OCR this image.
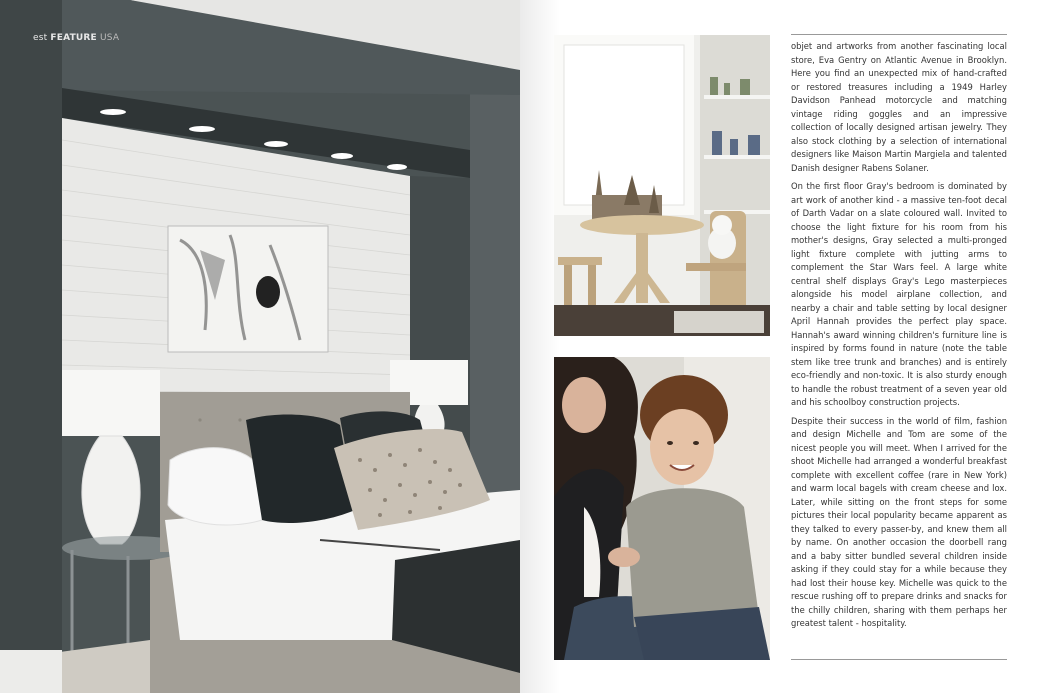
est FEATURE USA

objet and artworks from another fascinating local store, Eva Gentry on Atlantic Avenue in Brooklyn. Here you find an unexpected mix of hand-crafted or restored treasures including a 1949 Harley Davidson Panhead motorcycle and matching vintage riding goggles and an impressive collection of locally designed artisan jewelry. They also stock clothing by a selection of international designers like Maison Martin Margiela and talented Danish designer Rabens Solaner.

On the first floor Gray's bedroom is dominated by art work of another kind - a massive ten-foot decal of Darth Vadar on a slate coloured wall. Invited to choose the light fixture for his room from his mother's designs, Gray selected a multi-pronged light fixture complete with jutting arms to complement the Star Wars feel. A large white central shelf displays Gray's Lego masterpieces alongside his model airplane collection, and nearby a chair and table setting by local designer April Hannah provides the perfect play space. Hannah's award winning children's furniture line is inspired by forms found in nature (note the table stem like tree trunk and branches) and is entirely eco-friendly and non-toxic. It is also sturdy enough to handle the robust treatment of a seven year old and his schoolboy construction projects.

Despite their success in the world of film, fashion and design Michelle and Tom are some of the nicest people you will meet. When I arrived for the shoot Michelle had arranged a wonderful breakfast complete with excellent coffee (rare in New York) and warm local bagels with cream cheese and lox. Later, while sitting on the front steps for some pictures their local popularity became apparent as they talked to every passer-by, and knew them all by name. On another occasion the doorbell rang and a baby sitter bundled several children inside asking if they could stay for a while because they had lost their house key. Michelle was quick to the rescue rushing off to prepare drinks and snacks for the chilly children, sharing with them perhaps her greatest talent - hospitality.
